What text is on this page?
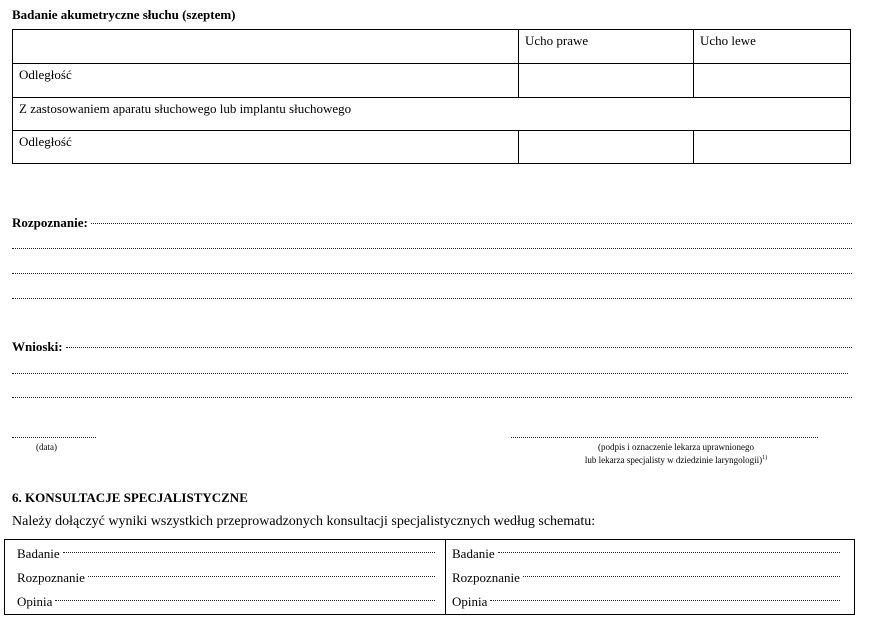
Badanie akumetryczne słuchu (szeptem)
	Ucho prawe	Ucho lewe
Odległość		
Z zastosowaniem aparatu słuchowego lub implantu słuchowego		
Odległość		
Rozpoznanie:
Wnioski:
(data)	(podpis i oznaczenie lekarza uprawnionego
lub lekarza specjalisty w dziedzinie laryngologii)$^{1)}$
6. KONSULTACJE SPECJALISTYCZNE
Należy dołączyć wyniki wszystkich przeprowadzonych konsultacji specjalistycznych według schematu:
Badanie
Rozpoznanie
Opinia

Badanie
Rozpoznanie
Opinia
